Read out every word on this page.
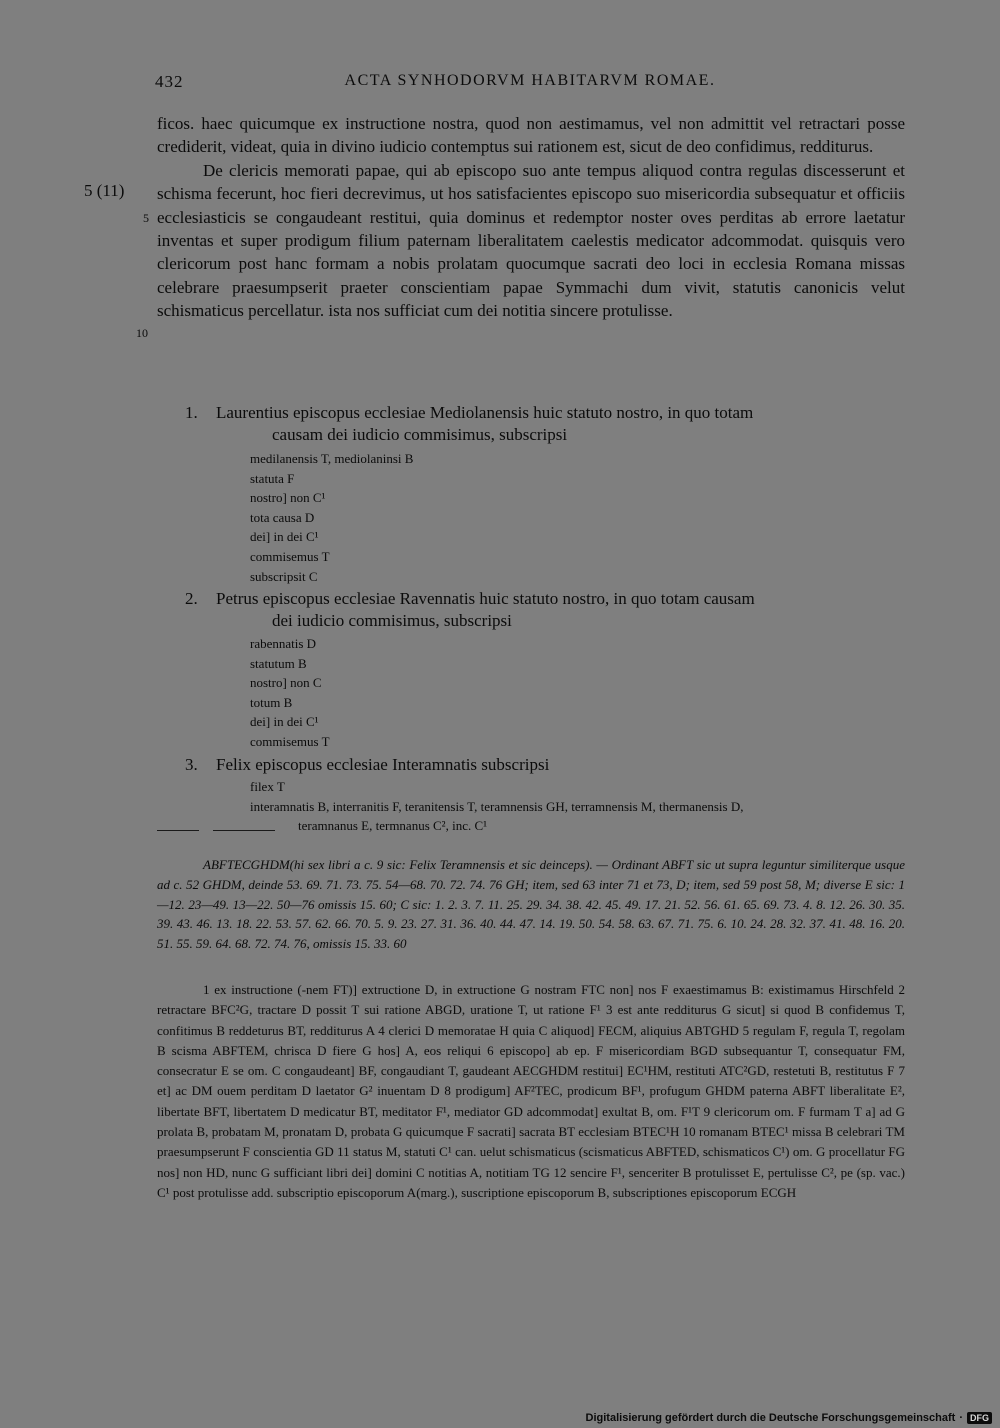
432	ACTA SYNHODORVM HABITARVM ROMAE.
5 (11)
5
10

ficos. haec quicumque ex instructione nostra, quod non aestimamus, vel non admittit vel retractari posse crediderit, videat, quia in divino iudicio contemptus sui rationem est, sicut de deo confidimus, redditurus.

De clericis memorati papae, qui ab episcopo suo ante tempus aliquod contra regulas discesserunt et schisma fecerunt, hoc fieri decrevimus, ut hos satisfacientes episcopo suo misericordia subsequatur et officiis ecclesiasticis se congaudeant restitui, quia dominus et redemptor noster oves perditas ab errore laetatur inventas et super prodigum filium paternam liberalitatem caelestis medicator adcommodat. quisquis vero clericorum post hanc formam a nobis prolatam quocumque sacrati deo loci in ecclesia Romana missas celebrare praesumpserit praeter conscientiam papae Symmachi dum vivit, statutis canonicis velut schismaticus percellatur. ista nos sufficiat cum dei notitia sincere protulisse.

1. Laurentius episcopus ecclesiae Mediolanensis huic statuto nostro, in quo totam
causam dei iudicio commisimus, subscripsi
medilanensis T, mediolaninsi B
statuta F
nostro] non C¹
tota causa D
dei] in dei C¹
commisemus T
subscripsit C
2. Petrus episcopus ecclesiae Ravennatis huic statuto nostro, in quo totam causam
dei iudicio commisimus, subscripsi
rabennatis D
statutum B
nostro] non C
totum B
dei] in dei C¹
commisemus T
3. Felix episcopus ecclesiae Interamnatis subscripsi
filex T
interamnatis B, interranitis F, teranitensis T, teramnensis GH, terramnensis M, thermanensis D,
teramnanus E, termnanus C², inc. C¹

ABFTECGHDM(hi sex libri a c. 9 sic: Felix Teramnensis et sic deinceps). — Ordinant ABFT sic ut supra leguntur similiterque usque ad c. 52 GHDM, deinde 53. 69. 71. 73. 75. 54—68. 70. 72. 74. 76 GH; item, sed 63 inter 71 et 73, D; item, sed 59 post 58, M; diverse E sic: 1—12. 23—49. 13—22. 50—76 omissis 15. 60; C sic: 1. 2. 3. 7. 11. 25. 29. 34. 38. 42. 45. 49. 17. 21. 52. 56. 61. 65. 69. 73. 4. 8. 12. 26. 30. 35. 39. 43. 46. 13. 18. 22. 53. 57. 62. 66. 70. 5. 9. 23. 27. 31. 36. 40. 44. 47. 14. 19. 50. 54. 58. 63. 67. 71. 75. 6. 10. 24. 28. 32. 37. 41. 48. 16. 20. 51. 55. 59. 64. 68. 72. 74. 76, omissis 15. 33. 60

1 ex instructione (-nem FT)] extructione D, in extructione G nostram FTC non] nos F exaestimamus B: existimamus Hirschfeld 2 retractare BFC²G, tractare D possit T sui ratione ABGD, uratione T, ut ratione F¹ 3 est ante redditurus G sicut] si quod B confidemus T, confitimus B reddeturus BT, redditurus A 4 clerici D memoratae H quia C aliquod] FECM, aliquius ABTGHD 5 regulam F, regula T, regolam B scisma ABFTEM, chrisca D fiere G hos] A, eos reliqui 6 episcopo] ab ep. F misericordiam BGD subsequantur T, consequatur FM, consecratur E se om. C congaudeant] BF, congaudiant T, gaudeant AECGHDM restitui] EC¹HM, restituti ATC²GD, restetuti B, restitutus F 7 et] ac DM ouem perditam D laetator G² inuentam D 8 prodigum] AF²TEC, prodicum BF¹, profugum GHDM paterna ABFT liberalitate E², libertate BFT, libertatem D medicatur BT, meditator F¹, mediator GD adcommodat] exultat B, om. F¹T 9 clericorum om. F furmam T a] ad G prolata B, probatam M, pronatam D, probata G quicumque F sacrati] sacrata BT ecclesiam BTEC¹H 10 romanam BTEC¹ missa B celebrari TM praesumpserunt F conscientia GD 11 status M, statuti C¹ can. uelut schismaticus (scismaticus ABFTED, schismaticos C¹) om. G procellatur FG nos] non HD, nunc G sufficiant libri dei] domini C notitias A, notitiam TG 12 sencire F¹, senceriter B protulisset E, pertulisse C², pe (sp. vac.) C¹ post protulisse add. subscriptio episcoporum A(marg.), suscriptione episcoporum B, subscriptiones episcoporum ECGH

Digitalisierung gefördert durch die Deutsche Forschungsgemeinschaft · DFG
